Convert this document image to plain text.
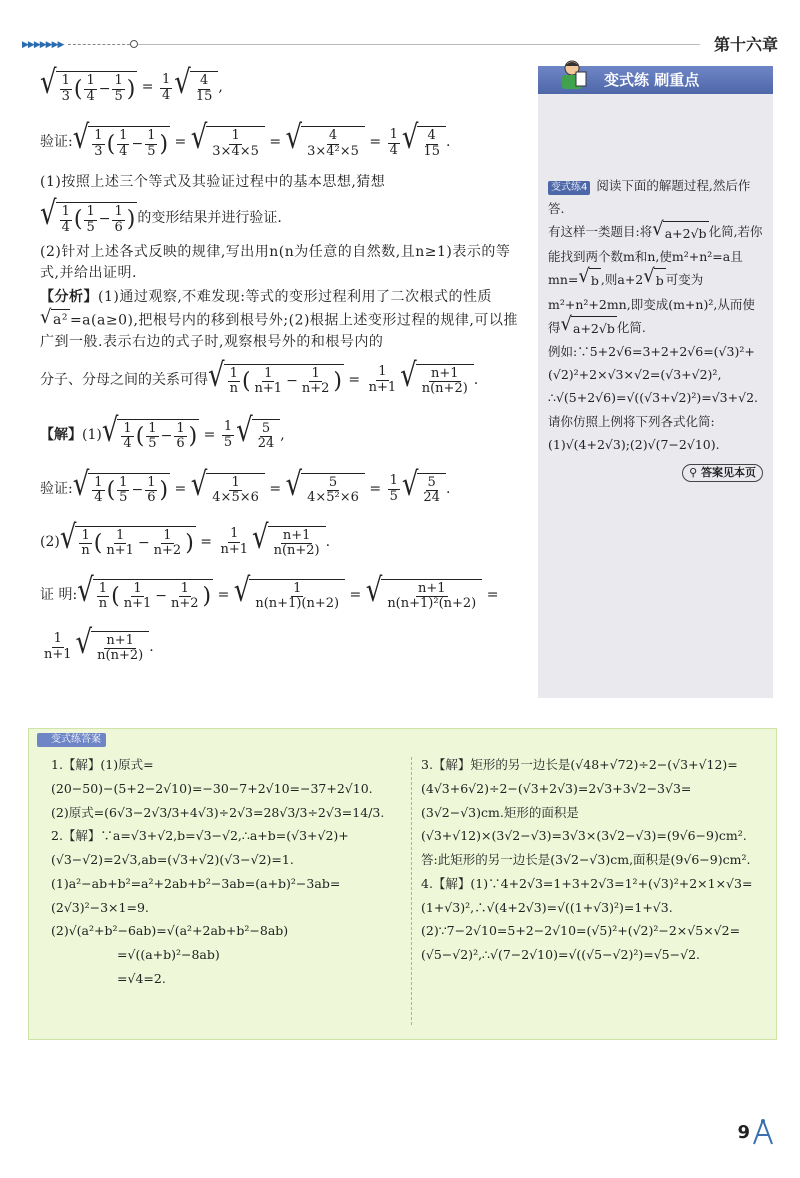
▶▶▶▶▶▶▶	第十六章
√ $\frac{1}{3}$ ( $\frac{1}{4} - \frac{1}{5}$ ) = $\frac{1}{4}$ √ $\frac{4}{15}$ ,
验证: √ $\frac{1}{3}$ ( $\frac{1}{4} - \frac{1}{5}$ ) = √ $\frac{1}{3\times 4\times 5}$ = √ $\frac{4}{\text{3×4²×5}} = \frac{1}{4}$ √ $\frac{4}{15}$ .

(1)按照上述三个等式及其验证过程中的基本思想,猜想

√ $\frac{1}{4}$ ( $\frac{1}{5} - \frac{1}{6}$ ) 的变形结果并进行验证.

(2)针对上述各式反映的规律,写出用n(n为任意的自然数,且n≥1)表示的等式,并给出证明.

【分析】(1)通过观察,不难发现:等式的变形过程利用了二次根式的性质
√ a² =a(a≥0),把根号内的移到根号外;(2)根据上述变形过程的规律,可以推广到一般.表示右边的式子时,观察根号外的和根号内的

分子、分母之间的关系可得 √ $\frac{1}{n}$ ( $\frac{1}{n+1} - \frac{1}{n+2}$ ) = $\frac{1}{n+1}$ √ $\frac{n+1}{n(n+2)}$ .
【解】 (1) √ $\frac{1}{4}$ ( $\frac{1}{5} - \frac{1}{6}$ ) = $\frac{1}{5}$ √ $\frac{5}{24}$ ,
验证: √ $\frac{1}{4}$ ( $\frac{1}{5} - \frac{1}{6}$ ) = √ $\frac{1}{4\times 5\times 6}$ = √ $\frac{5}{\text{4×5²×6}} = \frac{1}{5}$ √ $\frac{5}{24}$ .
(2) √ $\frac{1}{n}$ ( $\frac{1}{n+1} - \frac{1}{n+2}$ ) = $\frac{1}{n+1}$ √ $\frac{n+1}{n(n+2)}$ .
证 明: √ $\frac{1}{n}$ ( $\frac{1}{n+1} - \frac{1}{n+2}$ ) = √ $\frac{1}{n(n+1)(n+2)}$ = √ $\frac{n+1}{\text{n(n+1)²(n+2)}}$ =
$\frac{1}{n+1}$ √ $\frac{n+1}{n(n+2)}$ .
变式练 刷重点
变式练4 阅读下面的解题过程,然后作答.
有这样一类题目:将 √ a+2√b 化简,若你能找到两个数m和n,使m²+n²=a且mn= √ b ,则a+2 √ b 可变为m²+n²+2mn,即变成(m+n)²,从而使得 √ a+2√b 化简.
例如:∵5+2√6=3+2+2√6=(√3)²+(√2)²+2×√3×√2=(√3+√2)²,
∴√(5+2√6)=√((√3+√2)²)=√3+√2.
请你仿照上例将下列各式化简:
(1)√(4+2√3);(2)√(7−2√10).
⚲ 答案见本页
变式练答案
1.【解】(1)原式=(20−50)−(5+2−2√10)=−30−7+2√10=−37+2√10.
(2)原式=(6√3−2√3/3+4√3)÷2√3=28√3/3÷2√3=14/3.
2.【解】∵a=√3+√2,b=√3−√2,∴a+b=(√3+√2)+(√3−√2)=2√3,ab=(√3+√2)(√3−√2)=1.
(1)a²−ab+b²=a²+2ab+b²−3ab=(a+b)²−3ab=(2√3)²−3×1=9.
(2)√(a²+b²−6ab)=√(a²+2ab+b²−8ab)
=√((a+b)²−8ab)
=√4=2.
3.【解】矩形的另一边长是(√48+√72)÷2−(√3+√12)=(4√3+6√2)÷2−(√3+2√3)=2√3+3√2−3√3=(3√2−√3)cm.矩形的面积是(√3+√12)×(3√2−√3)=3√3×(3√2−√3)=(9√6−9)cm².
答:此矩形的另一边长是(3√2−√3)cm,面积是(9√6−9)cm².
4.【解】(1)∵4+2√3=1+3+2√3=1²+(√3)²+2×1×√3=(1+√3)²,∴√(4+2√3)=√((1+√3)²)=1+√3.
(2)∵7−2√10=5+2−2√10=(√5)²+(√2)²−2×√5×√2=(√5−√2)²,∴√(7−2√10)=√((√5−√2)²)=√5−√2.
9
